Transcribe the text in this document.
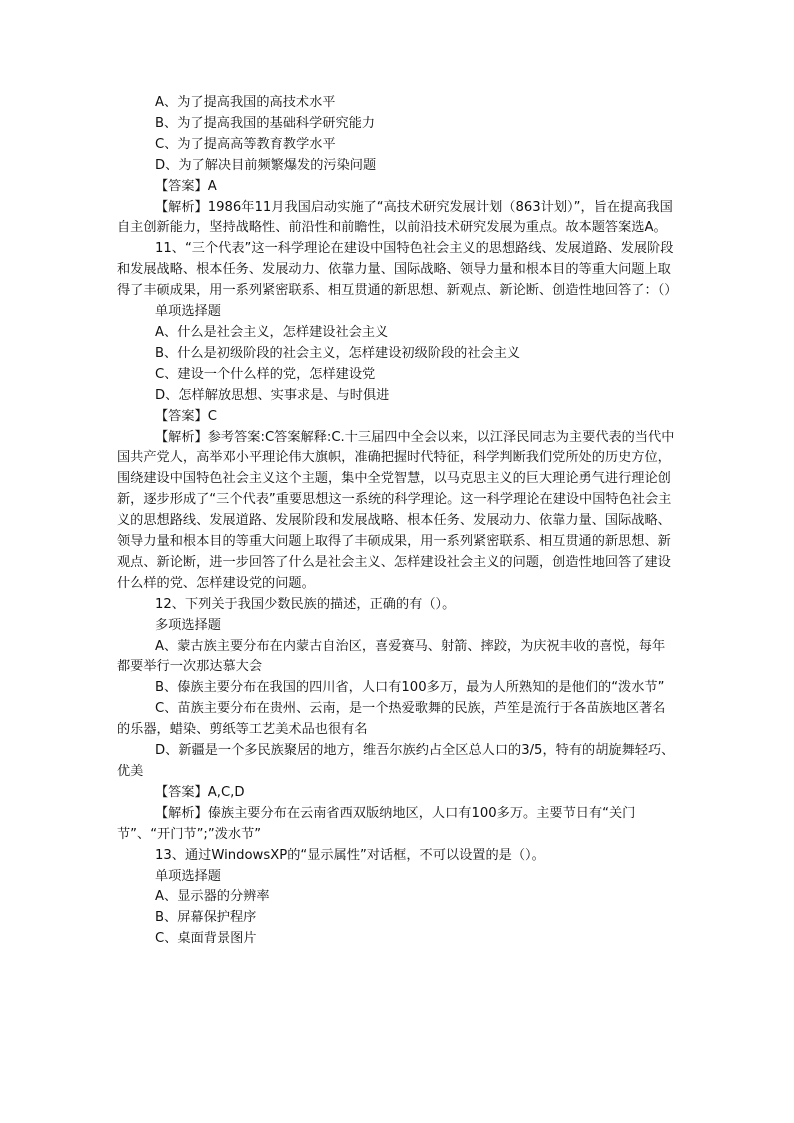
A、为了提高我国的高技术水平

B、为了提高我国的基础科学研究能力

C、为了提高高等教育教学水平

D、为了解决目前频繁爆发的污染问题

【答案】A

【解析】1986年11月我国启动实施了“高技术研究发展计划（863计划）”，旨在提高我国自主创新能力，坚持战略性、前沿性和前瞻性，以前沿技术研究发展为重点。故本题答案选A。

11、“三个代表”这一科学理论在建设中国特色社会主义的思想路线、发展道路、发展阶段和发展战略、根本任务、发展动力、依靠力量、国际战略、领导力量和根本目的等重大问题上取得了丰硕成果，用一系列紧密联系、相互贯通的新思想、新观点、新论断、创造性地回答了：（）

单项选择题

A、什么是社会主义，怎样建设社会主义

B、什么是初级阶段的社会主义，怎样建设初级阶段的社会主义

C、建设一个什么样的党，怎样建设党

D、怎样解放思想、实事求是、与时俱进

【答案】C

【解析】参考答案:C答案解释:C.十三届四中全会以来，以江泽民同志为主要代表的当代中国共产党人，高举邓小平理论伟大旗帜，准确把握时代特征，科学判断我们党所处的历史方位，围绕建设中国特色社会主义这个主题，集中全党智慧，以马克思主义的巨大理论勇气进行理论创新，逐步形成了“三个代表”重要思想这一系统的科学理论。这一科学理论在建设中国特色社会主义的思想路线、发展道路、发展阶段和发展战略、根本任务、发展动力、依靠力量、国际战略、领导力量和根本目的等重大问题上取得了丰硕成果，用一系列紧密联系、相互贯通的新思想、新观点、新论断，进一步回答了什么是社会主义、怎样建设社会主义的问题，创造性地回答了建设什么样的党、怎样建设党的问题。

12、下列关于我国少数民族的描述，正确的有（）。

多项选择题

A、蒙古族主要分布在内蒙古自治区，喜爱赛马、射箭、摔跤，为庆祝丰收的喜悦，每年都要举行一次那达慕大会

B、傣族主要分布在我国的四川省，人口有100多万，最为人所熟知的是他们的“泼水节”

C、苗族主要分布在贵州、云南，是一个热爱歌舞的民族，芦笙是流行于各苗族地区著名的乐器，蜡染、剪纸等工艺美术品也很有名

D、新疆是一个多民族聚居的地方，维吾尔族约占全区总人口的3/5，特有的胡旋舞轻巧、优美

【答案】A,C,D

【解析】傣族主要分布在云南省西双版纳地区，人口有100多万。主要节日有“关门节”、“开门节”;”泼水节”

13、通过WindowsXP的“显示属性”对话框，不可以设置的是（）。

单项选择题

A、显示器的分辨率

B、屏幕保护程序

C、桌面背景图片
